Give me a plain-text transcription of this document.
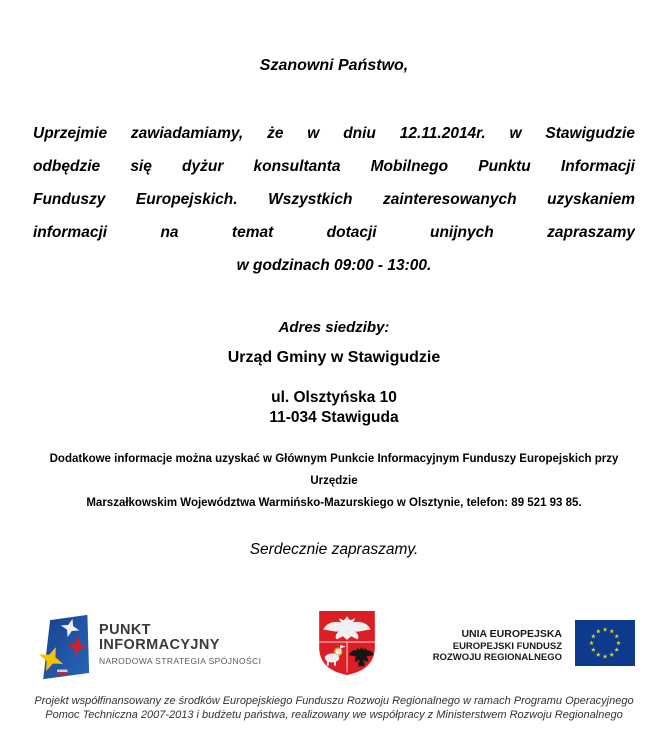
Szanowni Państwo,
Uprzejmie zawiadamiamy, że w dniu 12.11.2014r. w Stawigudzie
odbędzie się dyżur konsultanta Mobilnego Punktu Informacji
Funduszy Europejskich. Wszystkich zainteresowanych uzyskaniem
informacji na temat dotacji unijnych zapraszamy
w godzinach 09:00 - 13:00.
Adres siedziby:
Urząd Gminy w Stawigudzie
ul. Olsztyńska 10
11-034 Stawiguda
Dodatkowe informacje można uzyskać w Głównym Punkcie Informacyjnym Funduszy Europejskich przy Urzędzie
Marszałkowskim Województwa Warmińsko-Mazurskiego w Olsztynie, telefon: 89 521 93 85.
Serdecznie zapraszamy.
PUNKT
INFORMACYJNY
NARODOWA STRATEGIA SPÓJNOŚCI
UNIA EUROPEJSKA
EUROPEJSKI FUNDUSZ
ROZWOJU REGIONALNEGO
Projekt współfinansowany ze środków Europejskiego Funduszu Rozwoju Regionalnego w ramach Programu Operacyjnego
Pomoc Techniczna 2007-2013 i budżetu państwa, realizowany we współpracy z Ministerstwem Rozwoju Regionalnego
